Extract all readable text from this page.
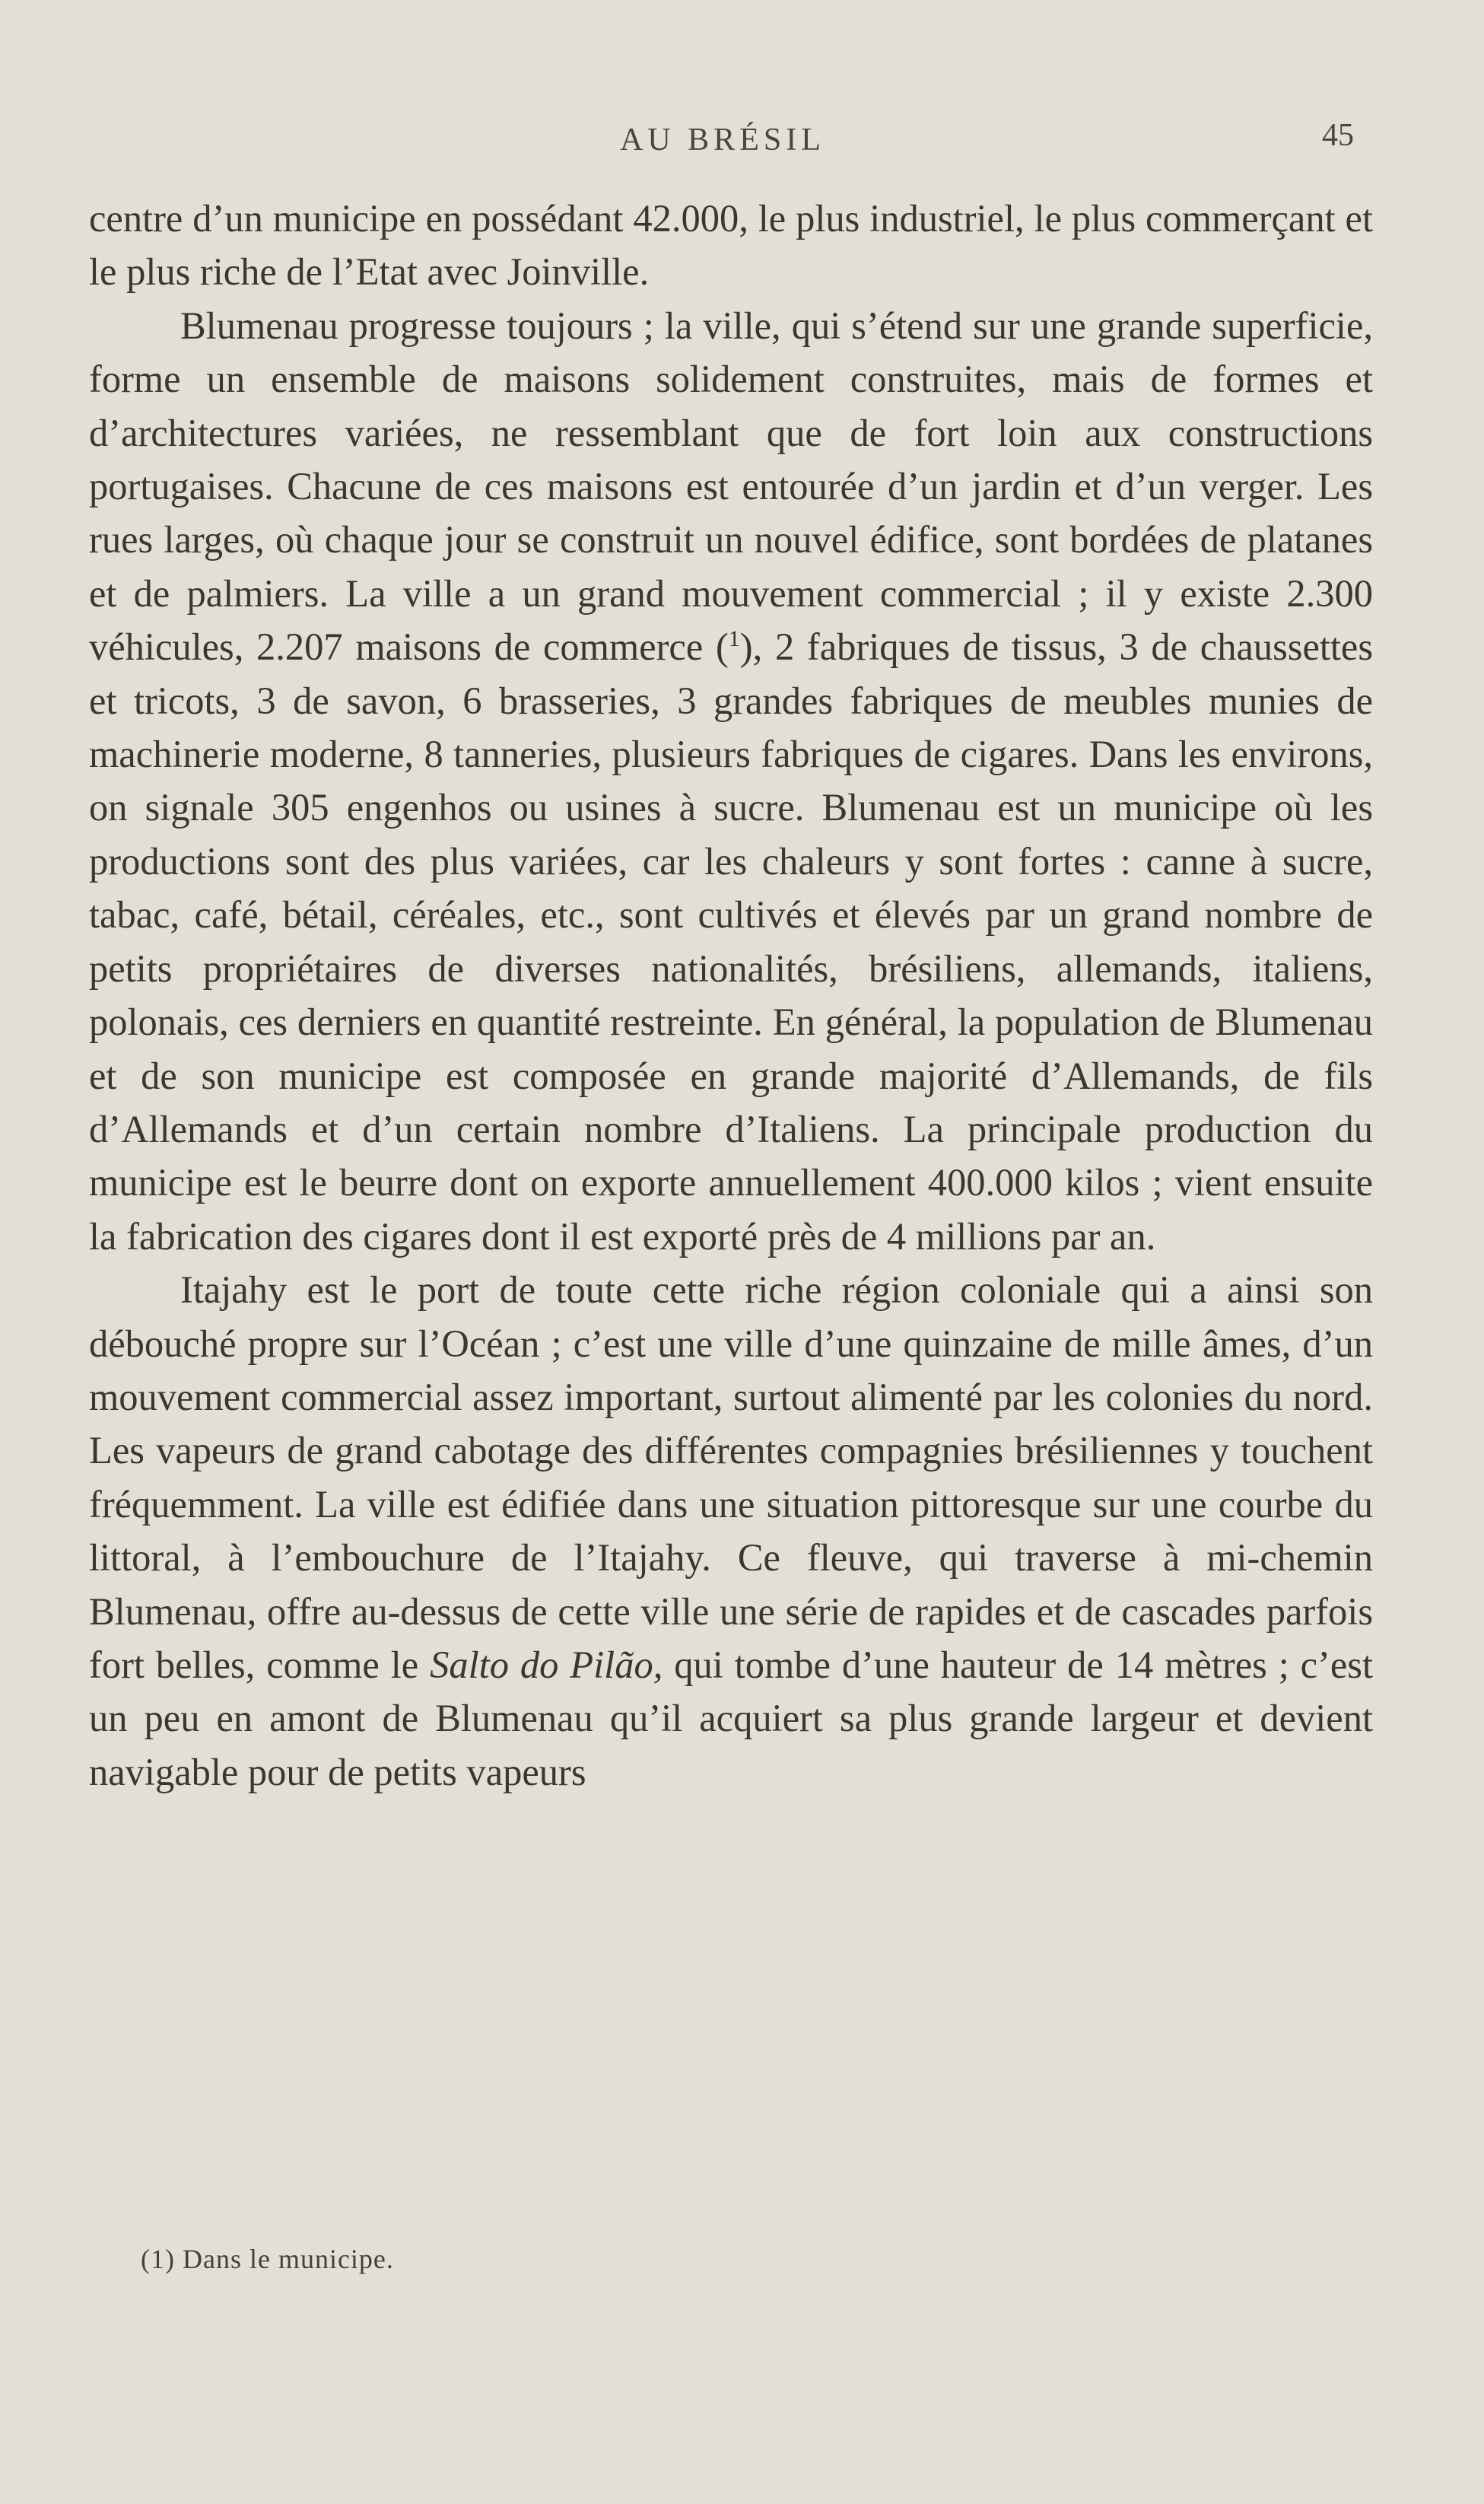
AU BRÉSIL	45

centre d’un municipe en possédant 42.000, le plus industriel, le plus commerçant et le plus riche de l’Etat avec Joinville.

Blumenau progresse toujours ; la ville, qui s’étend sur une grande superficie, forme un ensemble de maisons solidement construites, mais de formes et d’architectures variées, ne ressemblant que de fort loin aux constructions portugaises. Chacune de ces maisons est entourée d’un jardin et d’un verger. Les rues larges, où chaque jour se construit un nouvel édifice, sont bordées de platanes et de palmiers. La ville a un grand mouvement commercial ; il y existe 2.300 véhicules, 2.207 maisons de commerce ($^1$), 2 fabriques de tissus, 3 de chaussettes et tricots, 3 de savon, 6 brasseries, 3 grandes fabriques de meubles munies de machinerie moderne, 8 tanneries, plusieurs fabriques de cigares. Dans les environs, on signale 305 engenhos ou usines à sucre. Blumenau est un municipe où les productions sont des plus variées, car les chaleurs y sont fortes : canne à sucre, tabac, café, bétail, céréales, etc., sont cultivés et élevés par un grand nombre de petits propriétaires de diverses nationalités, brésiliens, allemands, italiens, polonais, ces derniers en quantité restreinte. En général, la population de Blumenau et de son municipe est composée en grande majorité d’Allemands, de fils d’Allemands et d’un certain nombre d’Italiens. La principale production du municipe est le beurre dont on exporte annuellement 400.000 kilos ; vient ensuite la fabrication des cigares dont il est exporté près de 4 millions par an.

Itajahy est le port de toute cette riche région coloniale qui a ainsi son débouché propre sur l’Océan ; c’est une ville d’une quinzaine de mille âmes, d’un mouvement commercial assez important, surtout alimenté par les colonies du nord. Les vapeurs de grand cabotage des différentes compagnies brésiliennes y touchent fréquemment. La ville est édifiée dans une situation pittoresque sur une courbe du littoral, à l’embouchure de l’Itajahy. Ce fleuve, qui traverse à mi-chemin Blumenau, offre au-dessus de cette ville une série de rapides et de cascades parfois fort belles, comme le Salto do Pilão, qui tombe d’une hauteur de 14 mètres ; c’est un peu en amont de Blumenau qu’il acquiert sa plus grande largeur et devient navigable pour de petits vapeurs

(1) Dans le municipe.
